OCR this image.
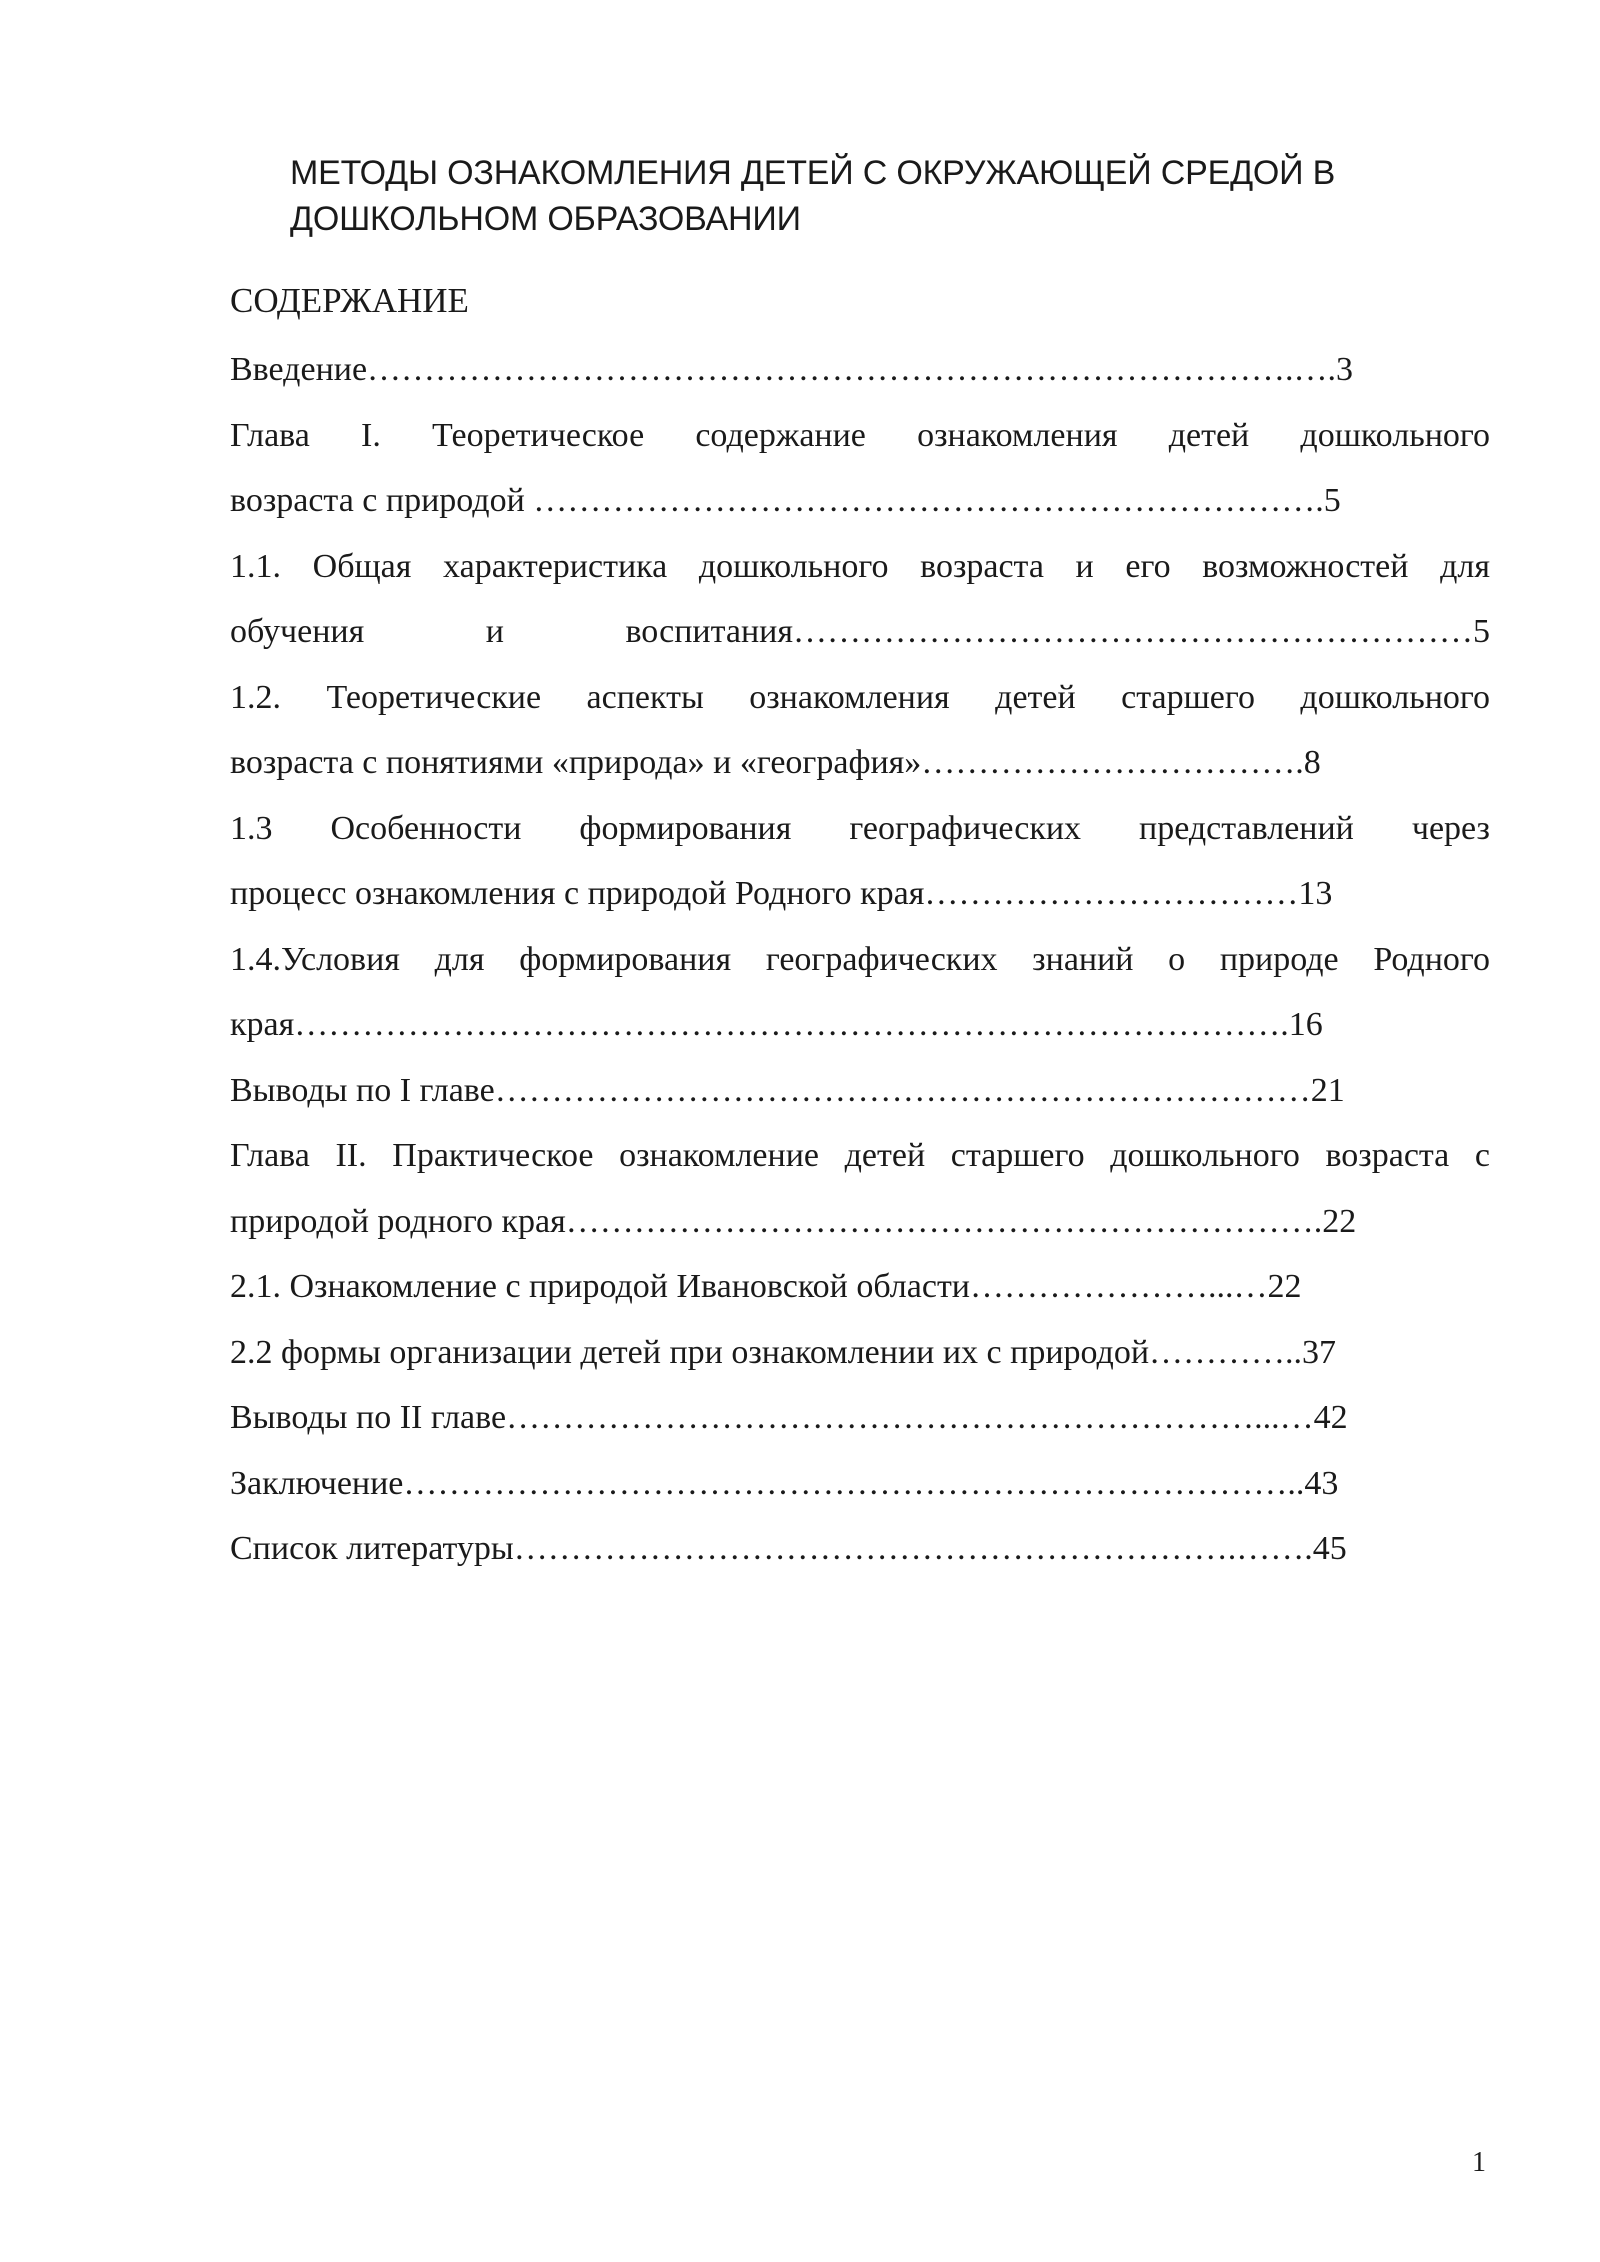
МЕТОДЫ ОЗНАКОМЛЕНИЯ ДЕТЕЙ С ОКРУЖАЮЩЕЙ СРЕДОЙ В
ДОШКОЛЬНОМ ОБРАЗОВАНИИ
СОДЕРЖАНИЕ
Введение……………………………………………………………………….….3
Глава I. Теоретическое содержание ознакомления детей дошкольного
возраста с природой …………………………………………………………….5
1.1. Общая характеристика дошкольного возраста и его возможностей для
обучения и воспитания……………………………………………………5
1.2. Теоретические аспекты ознакомления детей старшего дошкольного
возраста с понятиями «природа» и «география»…………………………….8
1.3 Особенности формирования географических представлений через
процесс ознакомления с природой Родного края……………………………13
1.4.Условия для формирования географических знаний о природе Родного
края…………………………………………………………………………….16
Выводы по I главе………………………………………………………………21
Глава II. Практическое ознакомление детей старшего дошкольного возраста с
природой родного края………………………………………………………….22
2.1. Ознакомление с природой Ивановской области…………………...…22
2.2 формы организации детей при ознакомлении их с природой…………..37
Выводы по II главе…………………………………………………………...…42
Заключение……………………………………………………………………..43
Список литературы……………………………………………………….…….45
1
